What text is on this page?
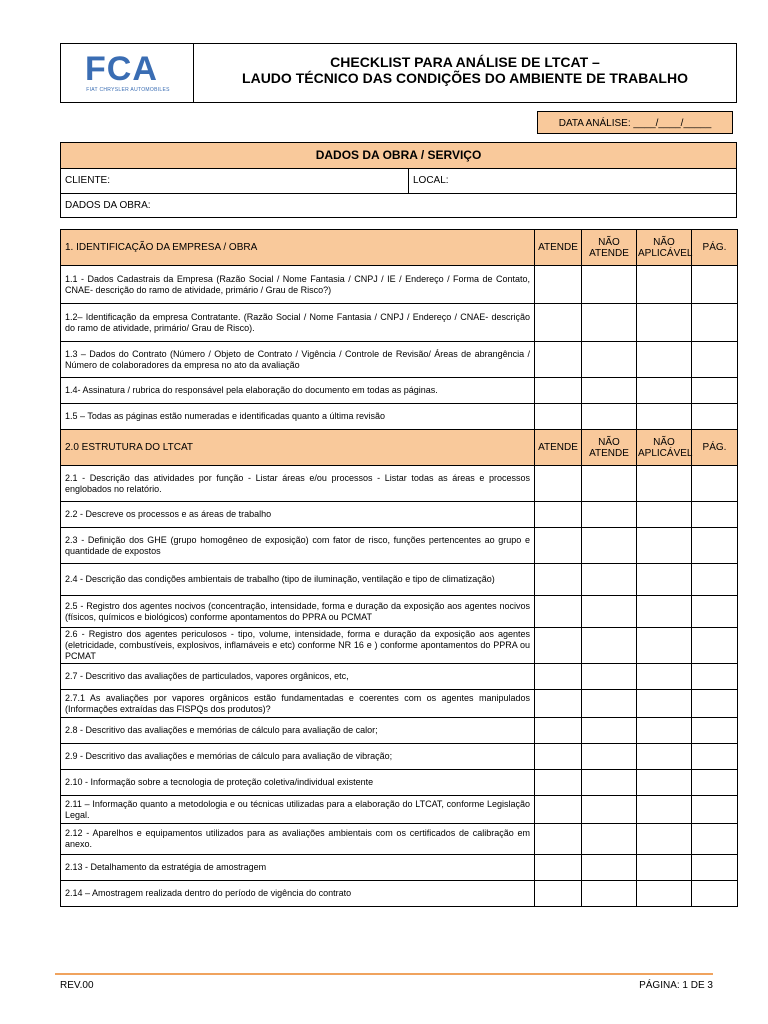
FCA
FIAT CHRYSLER AUTOMOBILES
CHECKLIST PARA ANÁLISE DE LTCAT –
LAUDO TÉCNICO DAS CONDIÇÕES DO AMBIENTE DE TRABALHO
DATA ANÁLISE: ____/____/_____
DADOS DA OBRA / SERVIÇO
CLIENTE:	LOCAL:
DADOS DA OBRA:
1. IDENTIFICAÇÃO DA EMPRESA / OBRA	ATENDE	NÃO ATENDE	NÃO APLICÁVEL	PÁG.
1.1 - Dados Cadastrais da Empresa (Razão Social / Nome Fantasia / CNPJ / IE / Endereço / Forma de Contato, CNAE- descrição do ramo de atividade, primário / Grau de Risco?)				
1.2– Identificação da empresa Contratante. (Razão Social / Nome Fantasia / CNPJ / Endereço / CNAE- descrição do ramo de atividade, primário/ Grau de Risco).				
1.3 – Dados do Contrato (Número / Objeto de Contrato / Vigência / Controle de Revisão/ Áreas de abrangência / Número de colaboradores da empresa no ato da avaliação				
1.4- Assinatura / rubrica do responsável pela elaboração do documento em todas as páginas.				
1.5 – Todas as páginas estão numeradas e identificadas quanto a última revisão				
2.0 ESTRUTURA DO LTCAT	ATENDE	NÃO ATENDE	NÃO APLICÁVEL	PÁG.
2.1 - Descrição das atividades por função - Listar áreas e/ou processos - Listar todas as áreas e processos englobados no relatório.				
2.2 - Descreve os processos e as áreas de trabalho				
2.3 - Definição dos GHE (grupo homogêneo de exposição) com fator de risco, funções pertencentes ao grupo e quantidade de expostos				
2.4 - Descrição das condições ambientais de trabalho (tipo de iluminação, ventilação e tipo de climatização)				
2.5 - Registro dos agentes nocivos (concentração, intensidade, forma e duração da exposição aos agentes nocivos (físicos, químicos e biológicos) conforme apontamentos do PPRA ou PCMAT				
2.6 - Registro dos agentes periculosos - tipo, volume, intensidade, forma e duração da exposição aos agentes (eletricidade, combustíveis, explosivos, inflamáveis e etc) conforme NR 16 e ) conforme apontamentos do PPRA ou PCMAT				
2.7 - Descritivo das avaliações de particulados, vapores orgânicos, etc,				
2.7.1 As avaliações por vapores orgânicos estão fundamentadas e coerentes com os agentes manipulados (Informações extraídas das FISPQs dos produtos)?				
2.8 - Descritivo das avaliações e memórias de cálculo para avaliação de calor;				
2.9 - Descritivo das avaliações e memórias de cálculo para avaliação de vibração;				
2.10 - Informação sobre a tecnologia de proteção coletiva/individual existente				
2.11 – Informação quanto a metodologia e ou técnicas utilizadas para a elaboração do LTCAT, conforme Legislação Legal.				
2.12 - Aparelhos e equipamentos utilizados para as avaliações ambientais com os certificados de calibração em anexo.				
2.13 - Detalhamento da estratégia de amostragem				
2.14 – Amostragem realizada dentro do período de vigência do contrato				
REV.00	PÁGINA: 1 DE 3
